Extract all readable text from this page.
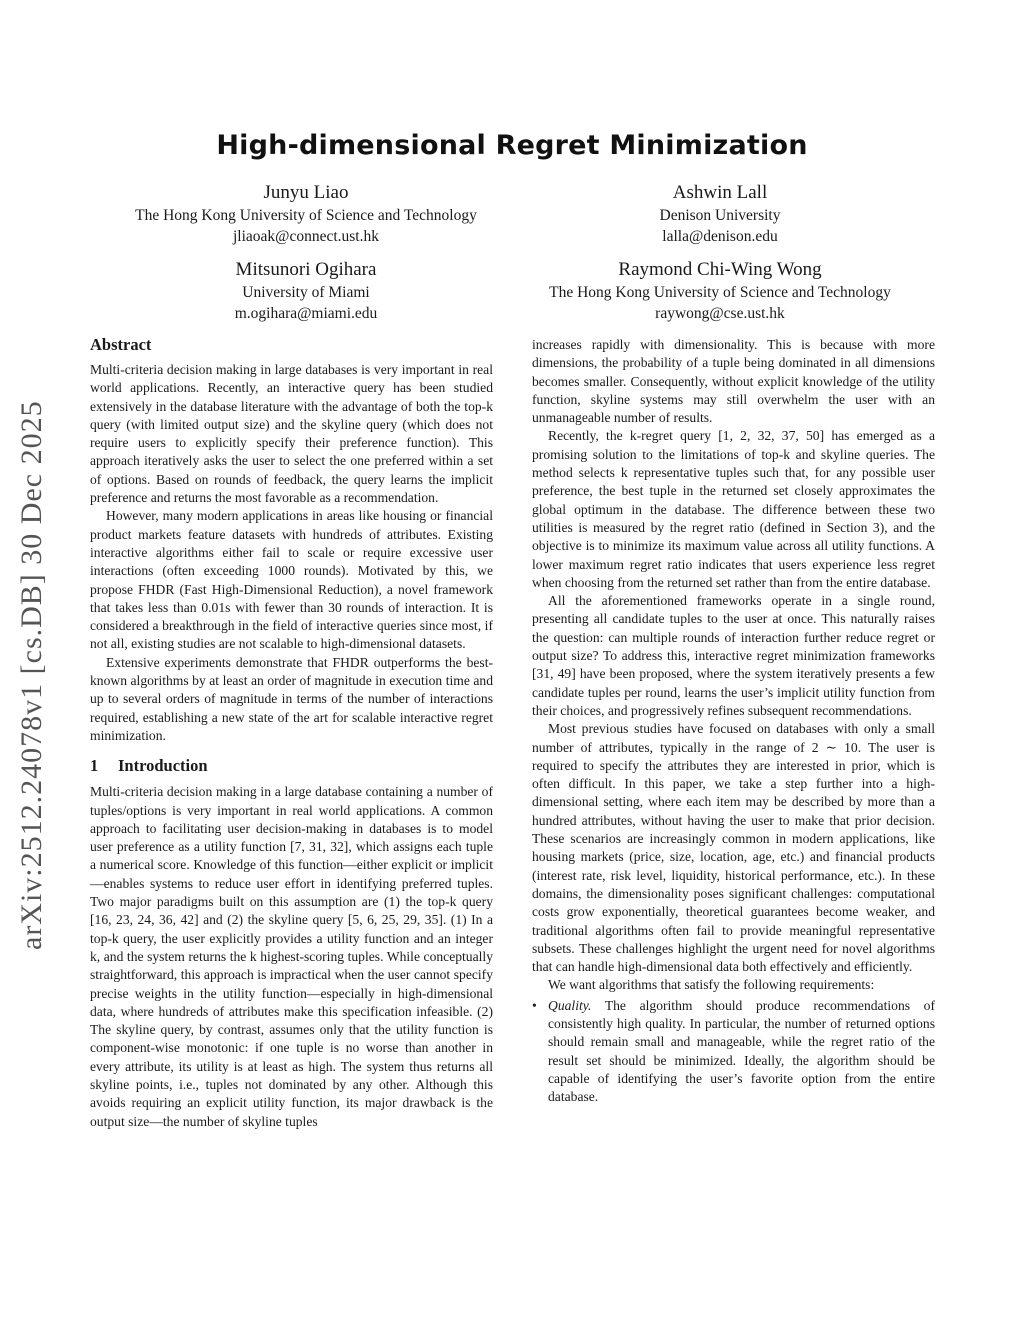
arXiv:2512.24078v1 [cs.DB] 30 Dec 2025
High-dimensional Regret Minimization
Junyu Liao
The Hong Kong University of Science and Technology
jliaoak@connect.ust.hk
Ashwin Lall
Denison University
lalla@denison.edu
Mitsunori Ogihara
University of Miami
m.ogihara@miami.edu
Raymond Chi-Wing Wong
The Hong Kong University of Science and Technology
raywong@cse.ust.hk
Abstract

Multi-criteria decision making in large databases is very important in real world applications. Recently, an interactive query has been studied extensively in the database literature with the advantage of both the top-k query (with limited output size) and the skyline query (which does not require users to explicitly specify their preference function). This approach iteratively asks the user to select the one preferred within a set of options. Based on rounds of feedback, the query learns the implicit preference and returns the most favorable as a recommendation.

However, many modern applications in areas like housing or financial product markets feature datasets with hundreds of attributes. Existing interactive algorithms either fail to scale or require excessive user interactions (often exceeding 1000 rounds). Motivated by this, we propose FHDR (Fast High-Dimensional Reduction), a novel framework that takes less than 0.01s with fewer than 30 rounds of interaction. It is considered a breakthrough in the field of interactive queries since most, if not all, existing studies are not scalable to high-dimensional datasets.

Extensive experiments demonstrate that FHDR outperforms the best-known algorithms by at least an order of magnitude in execution time and up to several orders of magnitude in terms of the number of interactions required, establishing a new state of the art for scalable interactive regret minimization.

1 Introduction

Multi-criteria decision making in a large database containing a number of tuples/options is very important in real world applications. A common approach to facilitating user decision-making in databases is to model user preference as a utility function [7, 31, 32], which assigns each tuple a numerical score. Knowledge of this function—either explicit or implicit—enables systems to reduce user effort in identifying preferred tuples. Two major paradigms built on this assumption are (1) the top-k query [16, 23, 24, 36, 42] and (2) the skyline query [5, 6, 25, 29, 35]. (1) In a top-k query, the user explicitly provides a utility function and an integer k, and the system returns the k highest-scoring tuples. While conceptually straightforward, this approach is impractical when the user cannot specify precise weights in the utility function—especially in high-dimensional data, where hundreds of attributes make this specification infeasible. (2) The skyline query, by contrast, assumes only that the utility function is component-wise monotonic: if one tuple is no worse than another in every attribute, its utility is at least as high. The system thus returns all skyline points, i.e., tuples not dominated by any other. Although this avoids requiring an explicit utility function, its major drawback is the output size—the number of skyline tuples

increases rapidly with dimensionality. This is because with more dimensions, the probability of a tuple being dominated in all dimensions becomes smaller. Consequently, without explicit knowledge of the utility function, skyline systems may still overwhelm the user with an unmanageable number of results.

Recently, the k-regret query [1, 2, 32, 37, 50] has emerged as a promising solution to the limitations of top-k and skyline queries. The method selects k representative tuples such that, for any possible user preference, the best tuple in the returned set closely approximates the global optimum in the database. The difference between these two utilities is measured by the regret ratio (defined in Section 3), and the objective is to minimize its maximum value across all utility functions. A lower maximum regret ratio indicates that users experience less regret when choosing from the returned set rather than from the entire database.

All the aforementioned frameworks operate in a single round, presenting all candidate tuples to the user at once. This naturally raises the question: can multiple rounds of interaction further reduce regret or output size? To address this, interactive regret minimization frameworks [31, 49] have been proposed, where the system iteratively presents a few candidate tuples per round, learns the user’s implicit utility function from their choices, and progressively refines subsequent recommendations.

Most previous studies have focused on databases with only a small number of attributes, typically in the range of 2 ∼ 10. The user is required to specify the attributes they are interested in prior, which is often difficult. In this paper, we take a step further into a high-dimensional setting, where each item may be described by more than a hundred attributes, without having the user to make that prior decision. These scenarios are increasingly common in modern applications, like housing markets (price, size, location, age, etc.) and financial products (interest rate, risk level, liquidity, historical performance, etc.). In these domains, the dimensionality poses significant challenges: computational costs grow exponentially, theoretical guarantees become weaker, and traditional algorithms often fail to provide meaningful representative subsets. These challenges highlight the urgent need for novel algorithms that can handle high-dimensional data both effectively and efficiently.

We want algorithms that satisfy the following requirements:

• Quality. The algorithm should produce recommendations of consistently high quality. In particular, the number of returned options should remain small and manageable, while the regret ratio of the result set should be minimized. Ideally, the algorithm should be capable of identifying the user’s favorite option from the entire database.
